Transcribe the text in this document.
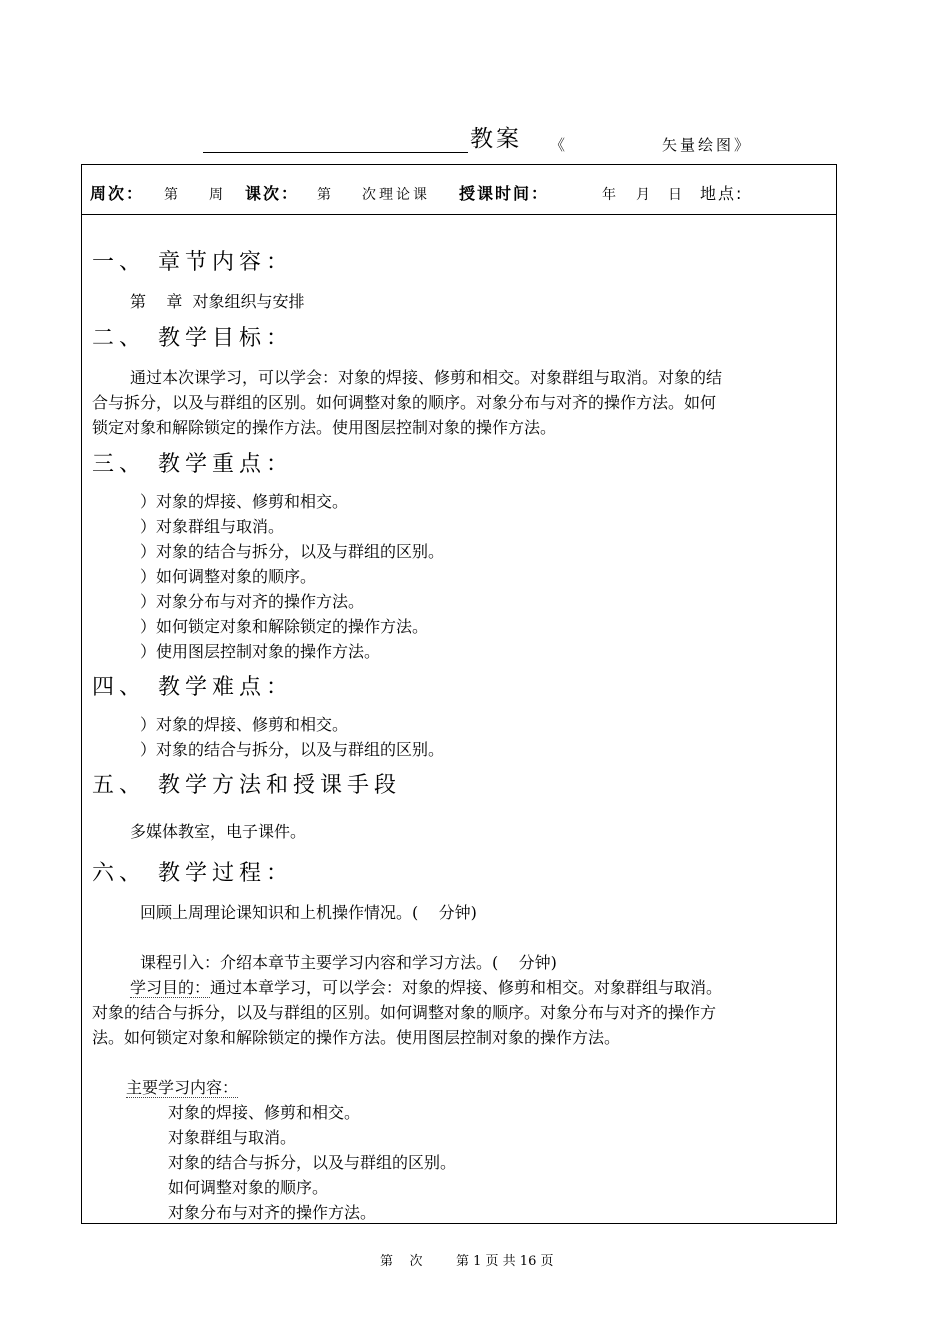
教案 《	矢量绘图》
周次： 第 周 课次： 第 次理论课 授课时间：	年 月 日 地点:
一、 章节内容：
第    章  对象组织与安排
二、 教学目标：
通过本次课学习，可以学会：对象的焊接、修剪和相交。对象群组与取消。对象的结
合与拆分，以及与群组的区别。如何调整对象的顺序。对象分布与对齐的操作方法。如何
锁定对象和解除锁定的操作方法。使用图层控制对象的操作方法。
三、 教学重点：
）对象的焊接、修剪和相交。
）对象群组与取消。
）对象的结合与拆分，以及与群组的区别。
）如何调整对象的顺序。
）对象分布与对齐的操作方法。
）如何锁定对象和解除锁定的操作方法。
）使用图层控制对象的操作方法。
四、 教学难点：
）对象的焊接、修剪和相交。
）对象的结合与拆分，以及与群组的区别。
五、 教学方法和授课手段
多媒体教室，电子课件。
六、 教学过程：
回顾上周理论课知识和上机操作情况。(    分钟)
课程引入：介绍本章节主要学习内容和学习方法。(    分钟)
学习目的：通过本章学习，可以学会：对象的焊接、修剪和相交。对象群组与取消。
对象的结合与拆分，以及与群组的区别。如何调整对象的顺序。对象分布与对齐的操作方
法。如何锁定对象和解除锁定的操作方法。使用图层控制对象的操作方法。
主要学习内容：
对象的焊接、修剪和相交。
对象群组与取消。
对象的结合与拆分，以及与群组的区别。
如何调整对象的顺序。
对象分布与对齐的操作方法。
第    次	第 1 页 共 16 页
